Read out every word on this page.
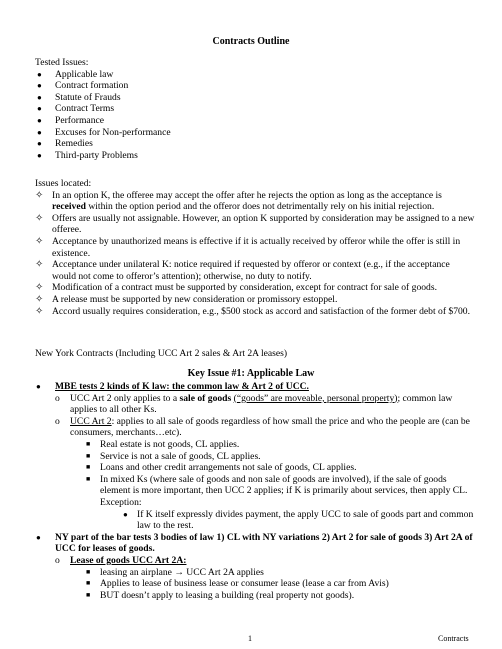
Contracts Outline
Tested Issues:
●	Applicable law
●	Contract formation
●	Statute of Frauds
●	Contract Terms
●	Performance
●	Excuses for Non-performance
●	Remedies
●	Third-party Problems
Issues located:
✧ In an option K, the offeree may accept the offer after he rejects the option as long as the acceptance is received within the option period and the offeror does not detrimentally rely on his initial rejection.
✧ Offers are usually not assignable. However, an option K supported by consideration may be assigned to a new offeree.
✧ Acceptance by unauthorized means is effective if it is actually received by offeror while the offer is still in existence.
✧ Acceptance under unilateral K: notice required if requested by offeror or context (e.g., if the acceptance would not come to offeror’s attention); otherwise, no duty to notify.
✧ Modification of a contract must be supported by consideration, except for contract for sale of goods.
✧ A release must be supported by new consideration or promissory estoppel.
✧ Accord usually requires consideration, e.g., $500 stock as accord and satisfaction of the former debt of $700.
New York Contracts (Including UCC Art 2 sales & Art 2A leases)
Key Issue #1: Applicable Law
●	MBE tests 2 kinds of K law: the common law & Art 2 of UCC.
o	UCC Art 2 only applies to a sale of goods (“goods” are moveable, personal property); common law applies to all other Ks.
o	UCC Art 2: applies to all sale of goods regardless of how small the price and who the people are (can be consumers, merchants…etc).
■	Real estate is not goods, CL applies.
■	Service is not a sale of goods, CL applies.
■	Loans and other credit arrangements not sale of goods, CL applies.
■	In mixed Ks (where sale of goods and non sale of goods are involved), if the sale of goods element is more important, then UCC 2 applies; if K is primarily about services, then apply CL. Exception:
● If K itself expressly divides payment, the apply UCC to sale of goods part and common law to the rest.
●	NY part of the bar tests 3 bodies of law 1) CL with NY variations 2) Art 2 for sale of goods 3) Art 2A of UCC for leases of goods.
o	Lease of goods UCC Art 2A:
■	leasing an airplane → UCC Art 2A applies
■	Applies to lease of business lease or consumer lease (lease a car from Avis)
■	BUT doesn’t apply to leasing a building (real property not goods).
1	Contracts
